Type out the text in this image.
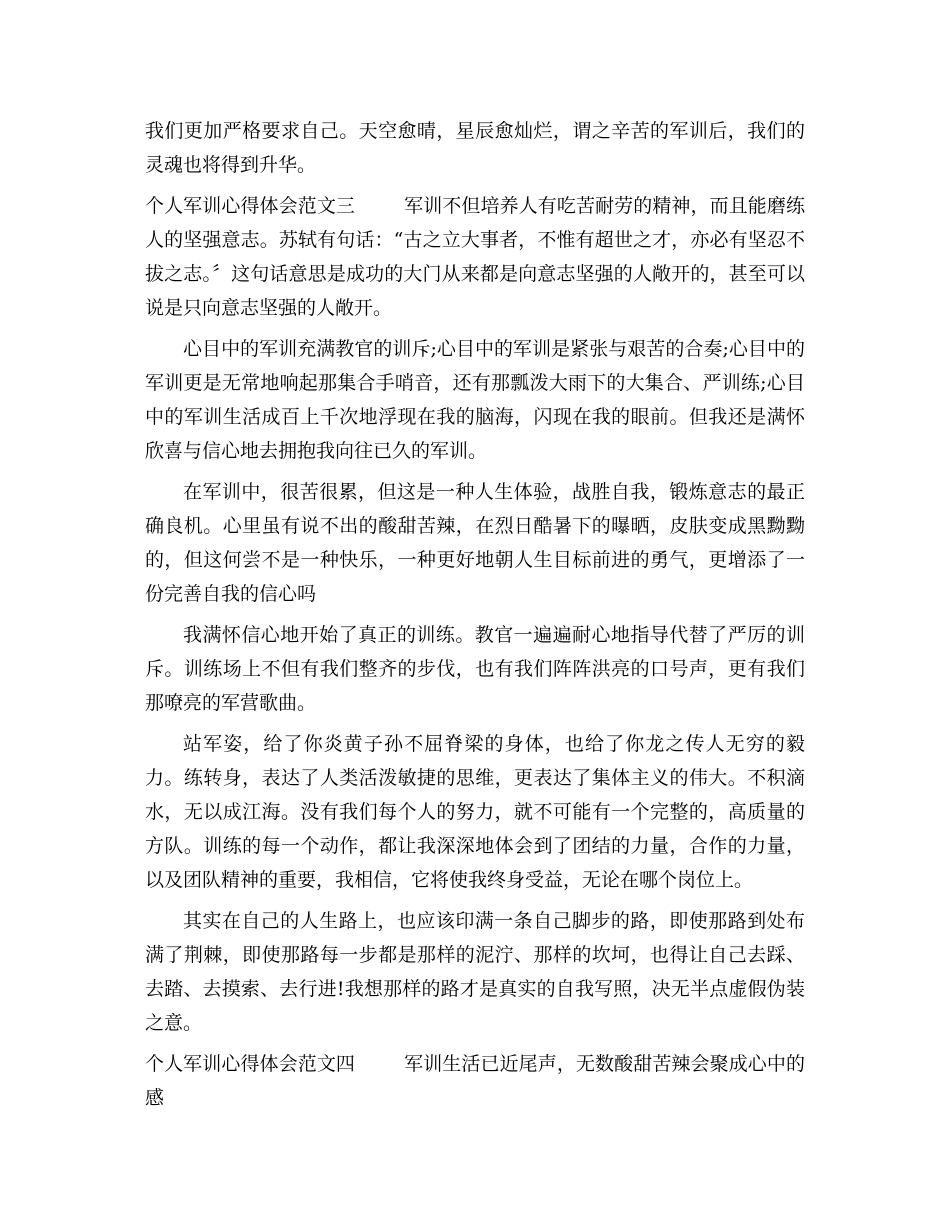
我们更加严格要求自己。天空愈晴，星辰愈灿烂，谓之辛苦的军训后，我们的灵魂也将得到升华。

个人军训心得体会范文三	军训不但培养人有吃苦耐劳的精神，而且能磨练人的坚强意志。苏轼有句话：“古之立大事者，不惟有超世之才，亦必有坚忍不拔之志。〞这句话意思是成功的大门从来都是向意志坚强的人敞开的，甚至可以说是只向意志坚强的人敞开。

心目中的军训充满教官的训斥;心目中的军训是紧张与艰苦的合奏;心目中的军训更是无常地响起那集合手哨音，还有那瓢泼大雨下的大集合、严训练;心目中的军训生活成百上千次地浮现在我的脑海，闪现在我的眼前。但我还是满怀欣喜与信心地去拥抱我向往已久的军训。

在军训中，很苦很累，但这是一种人生体验，战胜自我，锻炼意志的最正确良机。心里虽有说不出的酸甜苦辣，在烈日酷暑下的曝晒，皮肤变成黑黝黝的，但这何尝不是一种快乐，一种更好地朝人生目标前进的勇气，更增添了一份完善自我的信心吗

我满怀信心地开始了真正的训练。教官一遍遍耐心地指导代替了严厉的训斥。训练场上不但有我们整齐的步伐，也有我们阵阵洪亮的口号声，更有我们那嘹亮的军营歌曲。

站军姿，给了你炎黄子孙不屈脊梁的身体，也给了你龙之传人无穷的毅力。练转身，表达了人类活泼敏捷的思维，更表达了集体主义的伟大。不积滴水，无以成江海。没有我们每个人的努力，就不可能有一个完整的，高质量的方队。训练的每一个动作，都让我深深地体会到了团结的力量，合作的力量，以及团队精神的重要，我相信，它将使我终身受益，无论在哪个岗位上。

其实在自己的人生路上，也应该印满一条自己脚步的路，即使那路到处布满了荆棘，即使那路每一步都是那样的泥泞、那样的坎坷，也得让自己去踩、去踏、去摸索、去行进!我想那样的路才是真实的自我写照，决无半点虚假伪装之意。

个人军训心得体会范文四	军训生活已近尾声，无数酸甜苦辣会聚成心中的感
